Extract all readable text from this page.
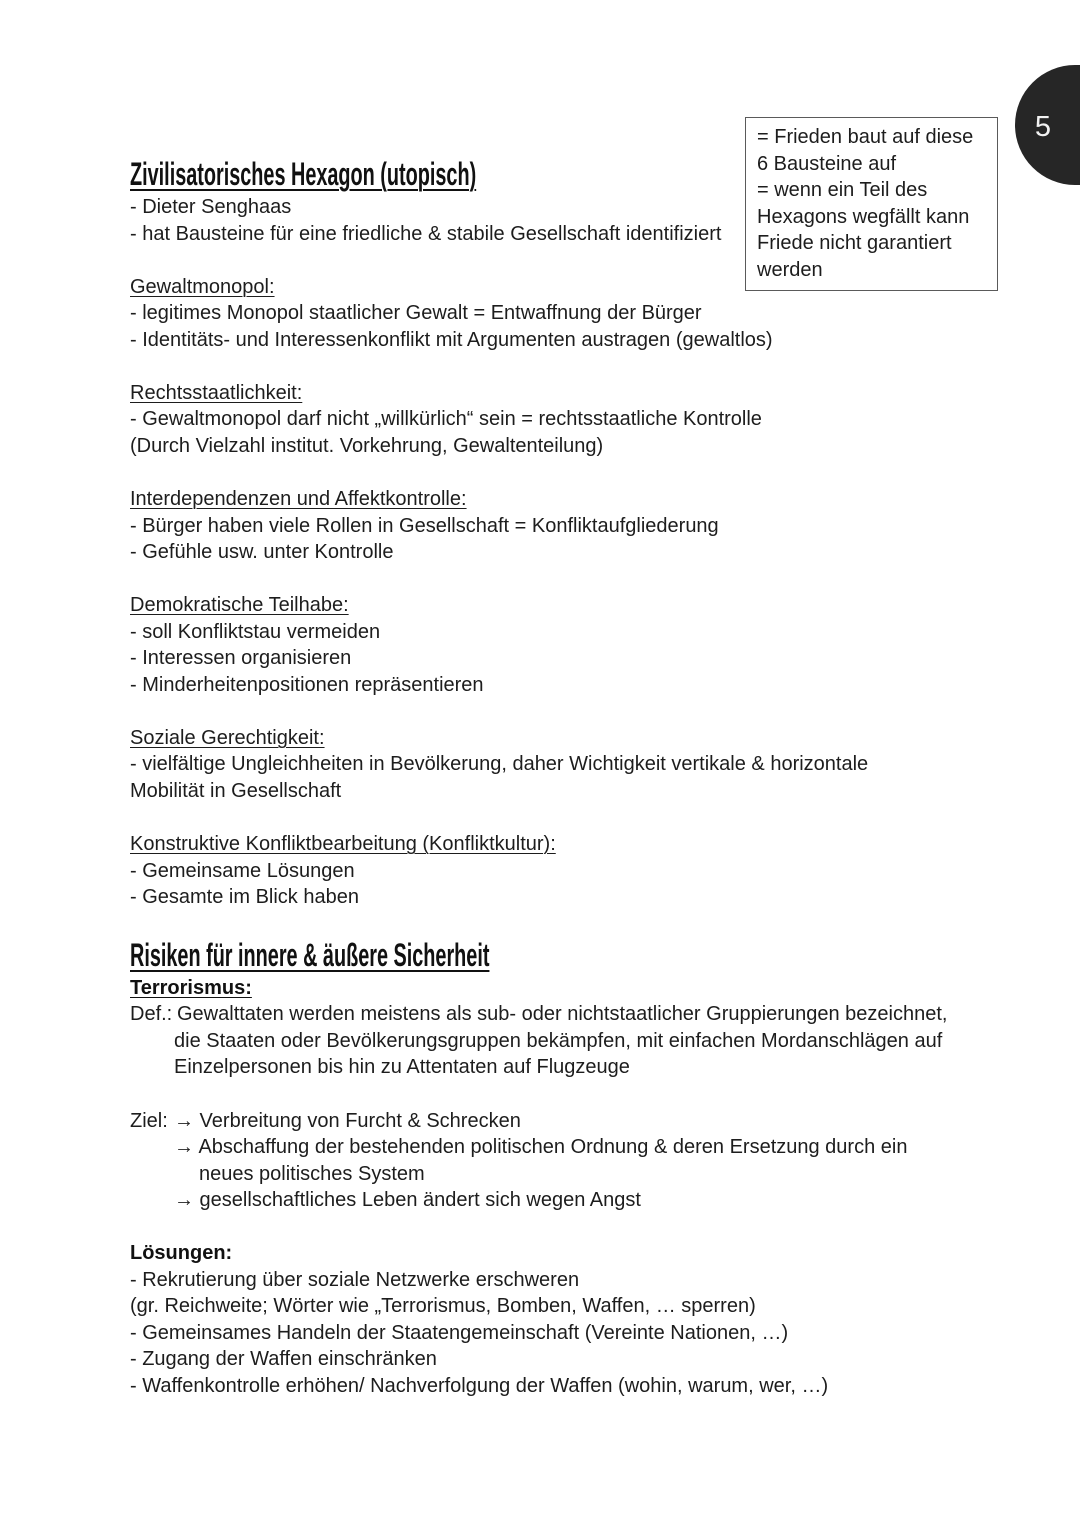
5
= Frieden baut auf diese
6 Bausteine auf
= wenn ein Teil des
Hexagons wegfällt kann
Friede nicht garantiert
werden
Zivilisatorisches Hexagon (utopisch)
- Dieter Senghaas
- hat Bausteine für eine friedliche & stabile Gesellschaft identifiziert
Gewaltmonopol:
- legitimes Monopol staatlicher Gewalt = Entwaffnung der Bürger
- Identitäts- und Interessenkonflikt mit Argumenten austragen (gewaltlos)
Rechtsstaatlichkeit:
- Gewaltmonopol darf nicht „willkürlich“ sein = rechtsstaatliche Kontrolle
(Durch Vielzahl institut. Vorkehrung, Gewaltenteilung)
Interdependenzen und Affektkontrolle:
- Bürger haben viele Rollen in Gesellschaft = Konfliktaufgliederung
- Gefühle usw. unter Kontrolle
Demokratische Teilhabe:
- soll Konfliktstau vermeiden
- Interessen organisieren
- Minderheitenpositionen repräsentieren
Soziale Gerechtigkeit:
- vielfältige Ungleichheiten in Bevölkerung, daher Wichtigkeit vertikale & horizontale
Mobilität in Gesellschaft
Konstruktive Konfliktbearbeitung (Konfliktkultur):
- Gemeinsame Lösungen
- Gesamte im Blick haben
Risiken für innere & äußere Sicherheit
Terrorismus:
Def.: Gewalttaten werden meistens als sub- oder nichtstaatlicher Gruppierungen bezeichnet,
die Staaten oder Bevölkerungsgruppen bekämpfen, mit einfachen Mordanschlägen auf
Einzelpersonen bis hin zu Attentaten auf Flugzeuge
Ziel: → Verbreitung von Furcht & Schrecken
→ Abschaffung der bestehenden politischen Ordnung & deren Ersetzung durch ein
neues politisches System
→ gesellschaftliches Leben ändert sich wegen Angst
Lösungen:
- Rekrutierung über soziale Netzwerke erschweren
(gr. Reichweite; Wörter wie „Terrorismus, Bomben, Waffen, … sperren)
- Gemeinsames Handeln der Staatengemeinschaft (Vereinte Nationen, …)
- Zugang der Waffen einschränken
- Waffenkontrolle erhöhen/ Nachverfolgung der Waffen (wohin, warum, wer, …)
